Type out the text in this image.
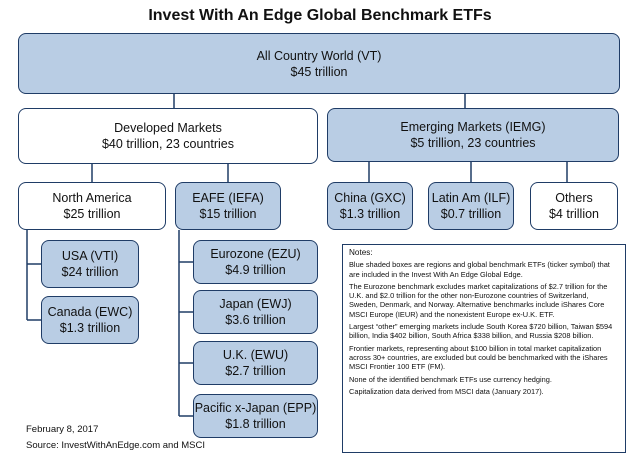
Invest With An Edge Global Benchmark ETFs
All Country World (VT)
$45 trillion
Developed Markets
$40 trillion, 23 countries
Emerging Markets (IEMG)
$5 trillion, 23 countries
North America
$25 trillion
EAFE (IEFA)
$15 trillion
China (GXC)
$1.3 trillion
Latin Am (ILF)
$0.7 trillion
Others
$4 trillion
USA (VTI)
$24 trillion
Canada (EWC)
$1.3 trillion
Eurozone (EZU)
$4.9 trillion
Japan (EWJ)
$3.6 trillion
U.K. (EWU)
$2.7 trillion
Pacific x-Japan (EPP)
$1.8 trillion
Notes:

Blue shaded boxes are regions and global benchmark ETFs (ticker symbol) that are included in the Invest With An Edge Global Edge.

The Eurozone benchmark excludes market capitalizations of $2.7 trillion for the U.K. and $2.0 trillion for the other non-Eurozone countries of Switzerland, Sweden, Denmark, and Norway. Alternative benchmarks include iShares Core MSCI Europe (IEUR) and the nonexistent Europe ex-U.K. ETF.

Largest “other” emerging markets include South Korea $720 billion, Taiwan $594 billion, India $402 billion, South Africa $338 billion, and Russia $208 billion.

Frontier markets, representing about $100 billion in total market capitalization across 30+ countries, are excluded but could be benchmarked with the iShares MSCI Frontier 100 ETF (FM).

None of the identified benchmark ETFs use currency hedging.

Capitalization data derived from MSCI data (January 2017).

February 8, 2017
Source: InvestWithAnEdge.com and MSCI
